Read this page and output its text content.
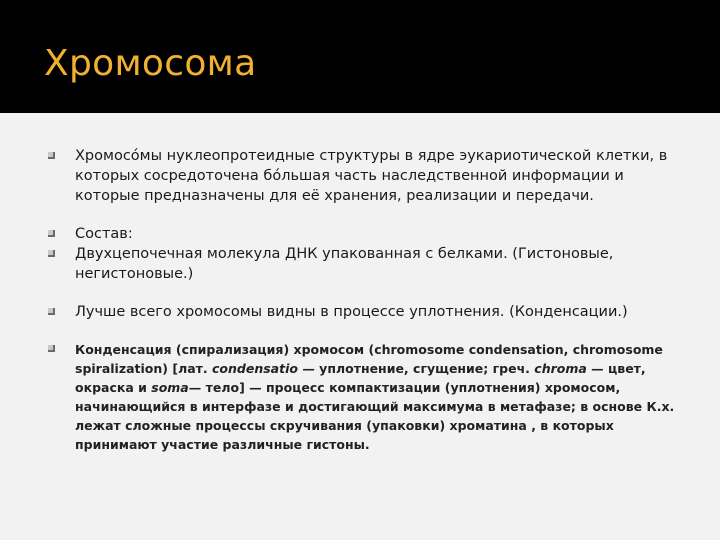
Хромосома

Хромосо́мы нуклеопротеидные структуры в ядре эукариотической клетки, в которых сосредоточена бо́льшая часть наследственной информации и которые предназначены для её хранения, реализации и передачи.

Состав:

Двухцепочечная молекула ДНК упакованная с белками. (Гистоновые, негистоновые.)

Лучше всего хромосомы видны в процессе уплотнения. (Конденсации.)

Конденсация (спирализация) хромосом (chromosome condensation, chromosome spiralization) [лат. condensatio — уплотнение, сгущение; греч. chroma — цвет, окраска и soma— тело] — процесс компактизации (уплотнения) хромосом, начинающийся в интерфазе и достигающий максимума в метафазе; в основе К.х. лежат сложные процессы скручивания (упаковки) хроматина , в которых принимают участие различные гистоны.
